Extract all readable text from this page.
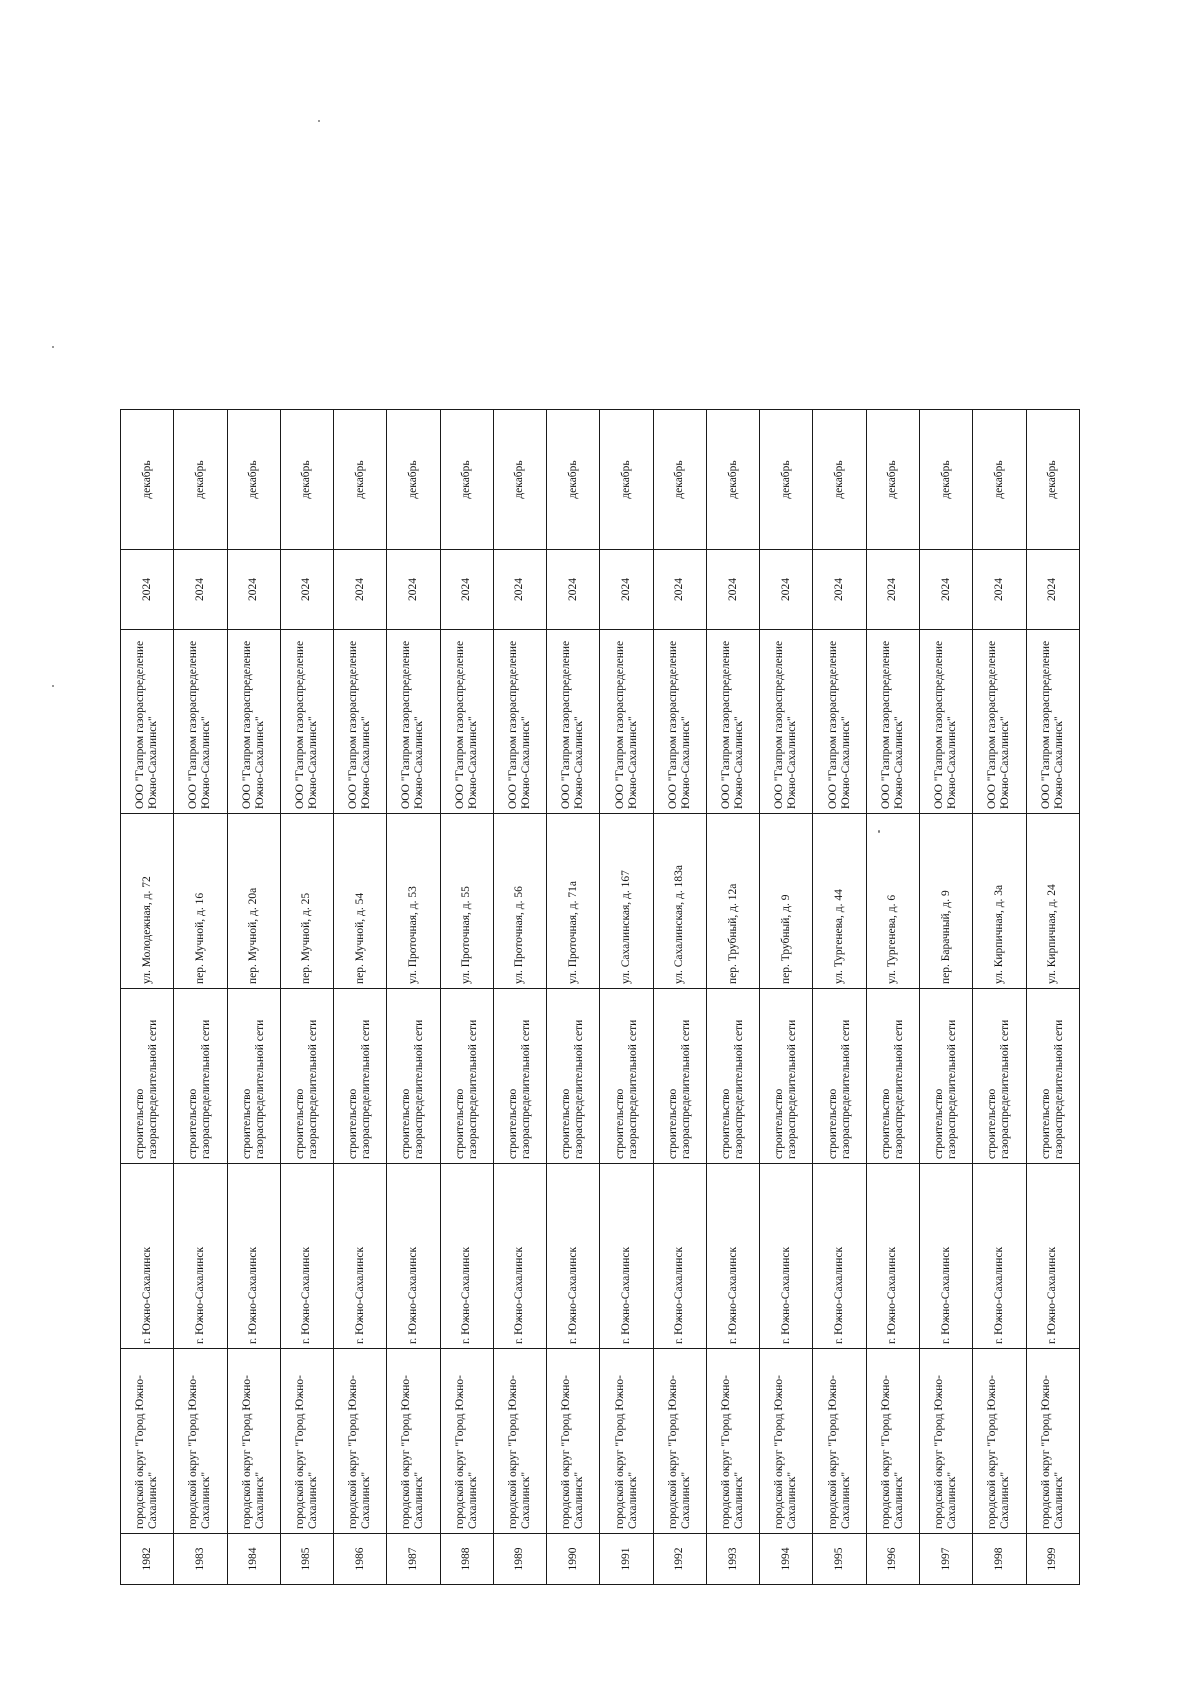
1982	городской округ "Город Южно-Сахалинск"	г. Южно-Сахалинск	строительство газораспределительной сети	ул. Молодежная, д. 72	ООО "Газпром газораспределение Южно-Сахалинск"	2024	декабрь
1983	городской округ "Город Южно-Сахалинск"	г. Южно-Сахалинск	строительство газораспределительной сети	пер. Мучной, д. 16	ООО "Газпром газораспределение Южно-Сахалинск"	2024	декабрь
1984	городской округ "Город Южно-Сахалинск"	г. Южно-Сахалинск	строительство газораспределительной сети	пер. Мучной, д. 20а	ООО "Газпром газораспределение Южно-Сахалинск"	2024	декабрь
1985	городской округ "Город Южно-Сахалинск"	г. Южно-Сахалинск	строительство газораспределительной сети	пер. Мучной, д. 25	ООО "Газпром газораспределение Южно-Сахалинск"	2024	декабрь
1986	городской округ "Город Южно-Сахалинск"	г. Южно-Сахалинск	строительство газораспределительной сети	пер. Мучной, д. 54	ООО "Газпром газораспределение Южно-Сахалинск"	2024	декабрь
1987	городской округ "Город Южно-Сахалинск"	г. Южно-Сахалинск	строительство газораспределительной сети	ул. Проточная, д. 53	ООО "Газпром газораспределение Южно-Сахалинск"	2024	декабрь
1988	городской округ "Город Южно-Сахалинск"	г. Южно-Сахалинск	строительство газораспределительной сети	ул. Проточная, д. 55	ООО "Газпром газораспределение Южно-Сахалинск"	2024	декабрь
1989	городской округ "Город Южно-Сахалинск"	г. Южно-Сахалинск	строительство газораспределительной сети	ул. Проточная, д. 56	ООО "Газпром газораспределение Южно-Сахалинск"	2024	декабрь
1990	городской округ "Город Южно-Сахалинск"	г. Южно-Сахалинск	строительство газораспределительной сети	ул. Проточная, д. 71а	ООО "Газпром газораспределение Южно-Сахалинск"	2024	декабрь
1991	городской округ "Город Южно-Сахалинск"	г. Южно-Сахалинск	строительство газораспределительной сети	ул. Сахалинская, д. 167	ООО "Газпром газораспределение Южно-Сахалинск"	2024	декабрь
1992	городской округ "Город Южно-Сахалинск"	г. Южно-Сахалинск	строительство газораспределительной сети	ул. Сахалинская, д. 183а	ООО "Газпром газораспределение Южно-Сахалинск"	2024	декабрь
1993	городской округ "Город Южно-Сахалинск"	г. Южно-Сахалинск	строительство газораспределительной сети	пер. Трубный, д. 12а	ООО "Газпром газораспределение Южно-Сахалинск"	2024	декабрь
1994	городской округ "Город Южно-Сахалинск"	г. Южно-Сахалинск	строительство газораспределительной сети	пер. Трубный, д. 9	ООО "Газпром газораспределение Южно-Сахалинск"	2024	декабрь
1995	городской округ "Город Южно-Сахалинск"	г. Южно-Сахалинск	строительство газораспределительной сети	ул. Тургенева, д. 44	ООО "Газпром газораспределение Южно-Сахалинск"	2024	декабрь
1996	городской округ "Город Южно-Сахалинск"	г. Южно-Сахалинск	строительство газораспределительной сети	ул. Тургенева, д. 6	ООО "Газпром газораспределение Южно-Сахалинск"	2024	декабрь
1997	городской округ "Город Южно-Сахалинск"	г. Южно-Сахалинск	строительство газораспределительной сети	пер. Барачный, д. 9	ООО "Газпром газораспределение Южно-Сахалинск"	2024	декабрь
1998	городской округ "Город Южно-Сахалинск"	г. Южно-Сахалинск	строительство газораспределительной сети	ул. Кирпичная, д. 3а	ООО "Газпром газораспределение Южно-Сахалинск"	2024	декабрь
1999	городской округ "Город Южно-Сахалинск"	г. Южно-Сахалинск	строительство газораспределительной сети	ул. Кирпичная, д. 24	ООО "Газпром газораспределение Южно-Сахалинск"	2024	декабрь
